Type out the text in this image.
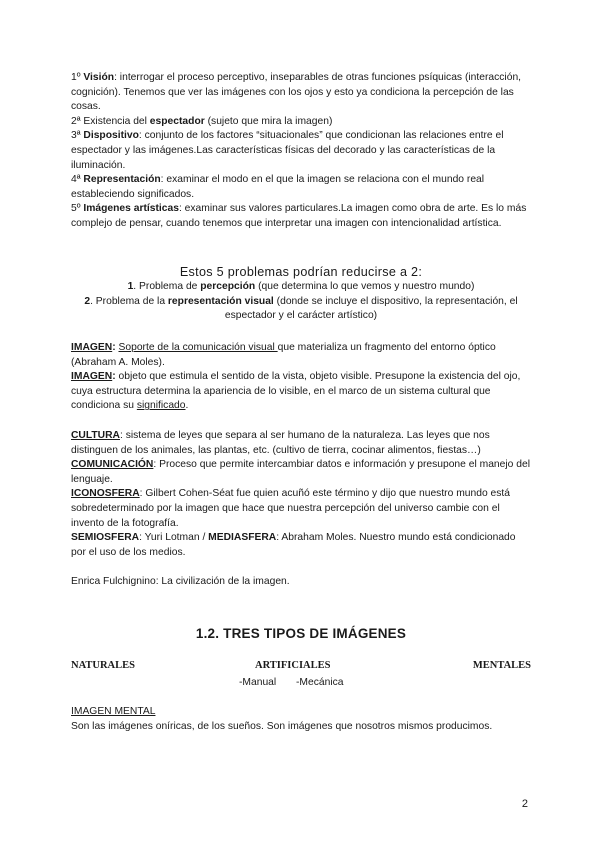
1º Visión: interrogar el proceso perceptivo, inseparables de otras funciones psíquicas (interacción, cognición). Tenemos que ver las imágenes con los ojos y esto ya condiciona la percepción de las cosas.

2ª Existencia del espectador (sujeto que mira la imagen)

3ª Dispositivo: conjunto de los factores “situacionales” que condicionan las relaciones entre el espectador y las imágenes.Las características físicas del decorado y las características de la iluminación.

4ª Representación: examinar el modo en el que la imagen se relaciona con el mundo real estableciendo significados.

5º Imágenes artísticas: examinar sus valores particulares.La imagen como obra de arte. Es lo más complejo de pensar, cuando tenemos que interpretar una imagen con intencionalidad artística.

Estos 5 problemas podrían reducirse a 2:

1. Problema de percepción (que determina lo que vemos y nuestro mundo)

2. Problema de la representación visual (donde se incluye el dispositivo, la representación, el espectador y el carácter artístico)

IMAGEN: Soporte de la comunicación visual que materializa un fragmento del entorno óptico (Abraham A. Moles).

IMAGEN: objeto que estimula el sentido de la vista, objeto visible. Presupone la existencia del ojo, cuya estructura determina la apariencia de lo visible, en el marco de un sistema cultural que condiciona su significado.

CULTURA: sistema de leyes que separa al ser humano de la naturaleza. Las leyes que nos distinguen de los animales, las plantas, etc. (cultivo de tierra, cocinar alimentos, fiestas…)

COMUNICACIÓN: Proceso que permite intercambiar datos e información y presupone el manejo del lenguaje.

ICONOSFERA: Gilbert Cohen-Séat fue quien acuñó este término y dijo que nuestro mundo está sobredeterminado por la imagen que hace que nuestra percepción del universo cambie con el invento de la fotografía.

SEMIOSFERA: Yuri Lotman / MEDIASFERA: Abraham Moles. Nuestro mundo está condicionado por el uso de los medios.

Enrica Fulchignino: La civilización de la imagen.

1.2. TRES TIPOS DE IMÁGENES

NATURALES	ARTIFICIALES	MENTALES
-Manual -Mecánica

IMAGEN MENTAL

Son las imágenes oníricas, de los sueños. Son imágenes que nosotros mismos producimos.

2
